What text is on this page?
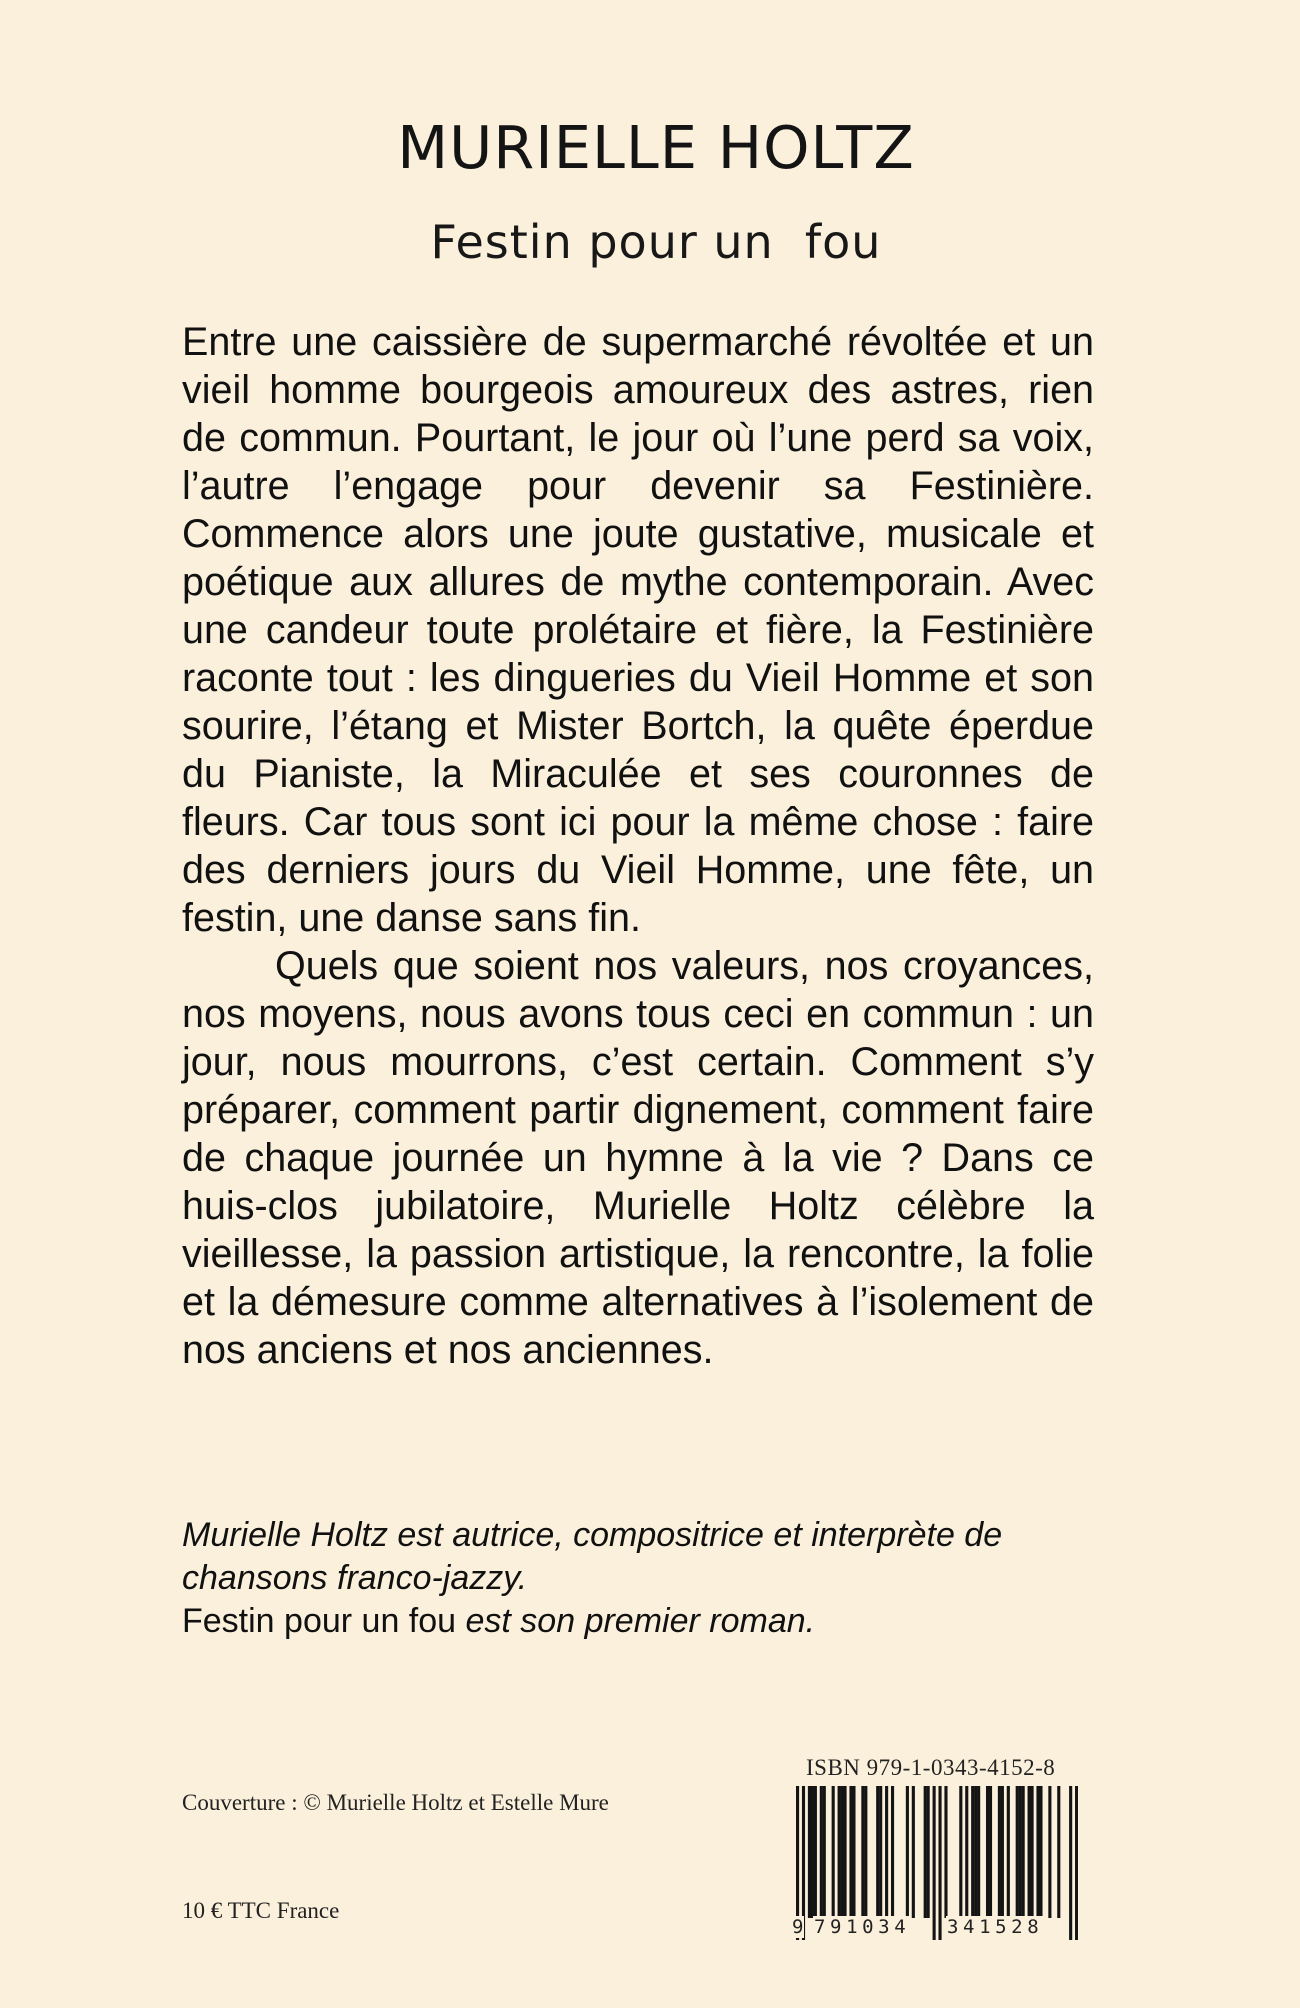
MURIELLE HOLTZ
Festin pour un  fou

Entre une caissière de supermarché révoltée et un vieil homme bourgeois amoureux des astres, rien de commun. Pourtant, le jour où l’une perd sa voix, l’autre l’engage pour devenir sa Festinière. Commence alors une joute gustative, musicale et poétique aux allures de mythe contemporain. Avec une candeur toute prolétaire et fière, la Festinière raconte tout : les dingueries du Vieil Homme et son sourire, l’étang et Mister Bortch, la quête éperdue du Pianiste, la Miraculée et ses couronnes de fleurs. Car tous sont ici pour la même chose : faire des derniers jours du Vieil Homme, une fête, un festin, une danse sans fin.

Quels que soient nos valeurs, nos croyances, nos moyens, nous avons tous ceci en commun : un jour, nous mourrons, c’est certain. Comment s’y préparer, comment partir dignement, comment faire de chaque journée un hymne à la vie ? Dans ce huis-clos jubilatoire, Murielle Holtz célèbre la vieillesse, la passion artistique, la rencontre, la folie et la démesure comme alternatives à l’isolement de nos anciens et nos anciennes.

Murielle Holtz est autrice, compositrice et interprète de chansons franco-jazzy.

Festin pour un fou est son premier roman.

Couverture : © Murielle Holtz et Estelle Mure
10 € TTC France
ISBN 979-1-0343-4152-8
9 791034 341528
